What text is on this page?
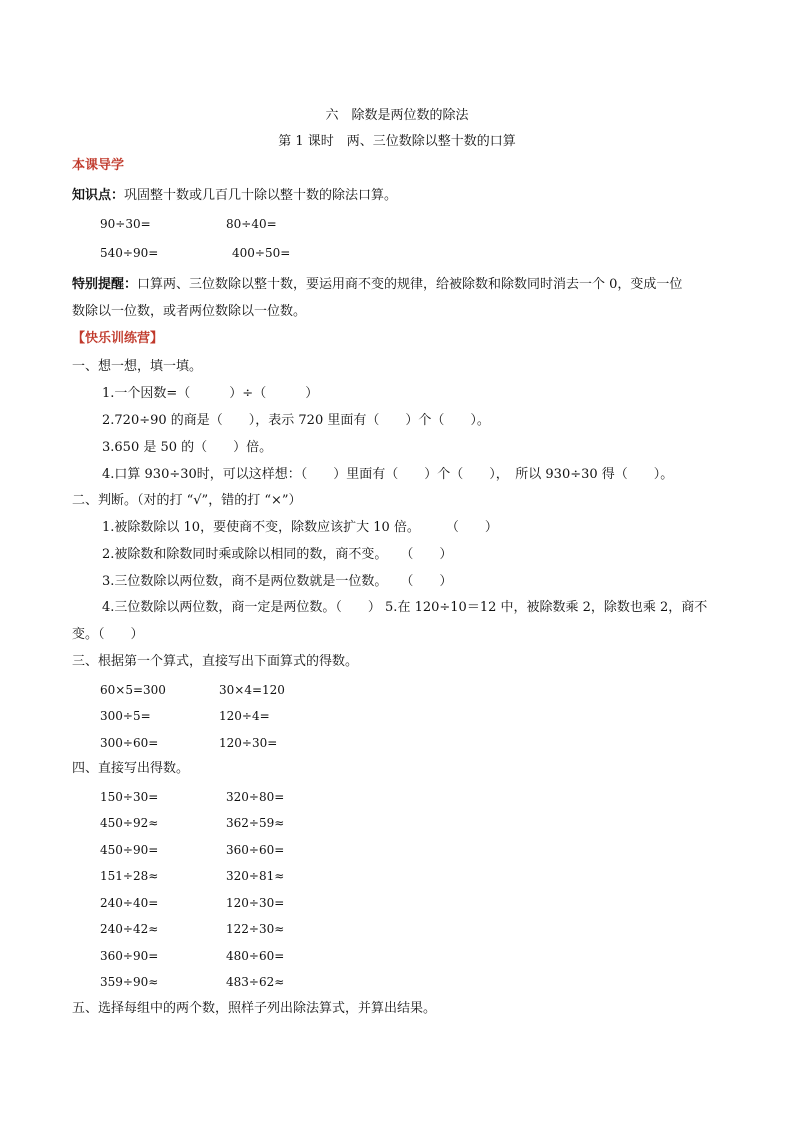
六　除数是两位数的除法
第 1 课时　两、三位数除以整十数的口算
本课导学
知识点：巩固整十数或几百几十除以整十数的除法口算。
90÷30=	80÷40=
540÷90=	400÷50=
特别提醒：口算两、三位数除以整十数，要运用商不变的规律，给被除数和除数同时消去一个 0，变成一位
数除以一位数，或者两位数除以一位数。
【快乐训练营】
一、想一想，填一填。
1.一个因数=（　　　）÷（　　　）
2.720÷90 的商是（　　），表示 720 里面有（　　）个（　　）。
3.650 是 50 的（　　）倍。
4.口算 930÷30时，可以这样想：（　　）里面有（　　）个（　　），　所以 930÷30 得（　　）。
二、判断。（对的打 “√”，错的打 “×”）
1.被除数除以 10，要使商不变，除数应该扩大 10 倍。　　　（　　）
2.被除数和除数同时乘或除以相同的数，商不变。　　（　　）
3.三位数除以两位数，商不是两位数就是一位数。　　（　　）
4.三位数除以两位数，商一定是两位数。（　　） 5.在 120÷10＝12 中，被除数乘 2，除数也乘 2，商不
变。（　　）
三、根据第一个算式，直接写出下面算式的得数。
60×5=300	30×4=120
300÷5=	120÷4=
300÷60=	120÷30=
四、直接写出得数。
150÷30=	320÷80=
450÷92≈	362÷59≈
450÷90=	360÷60=
151÷28≈	320÷81≈
240÷40=	120÷30=
240÷42≈	122÷30≈
360÷90=	480÷60=
359÷90≈	483÷62≈
五、选择每组中的两个数，照样子列出除法算式，并算出结果。
